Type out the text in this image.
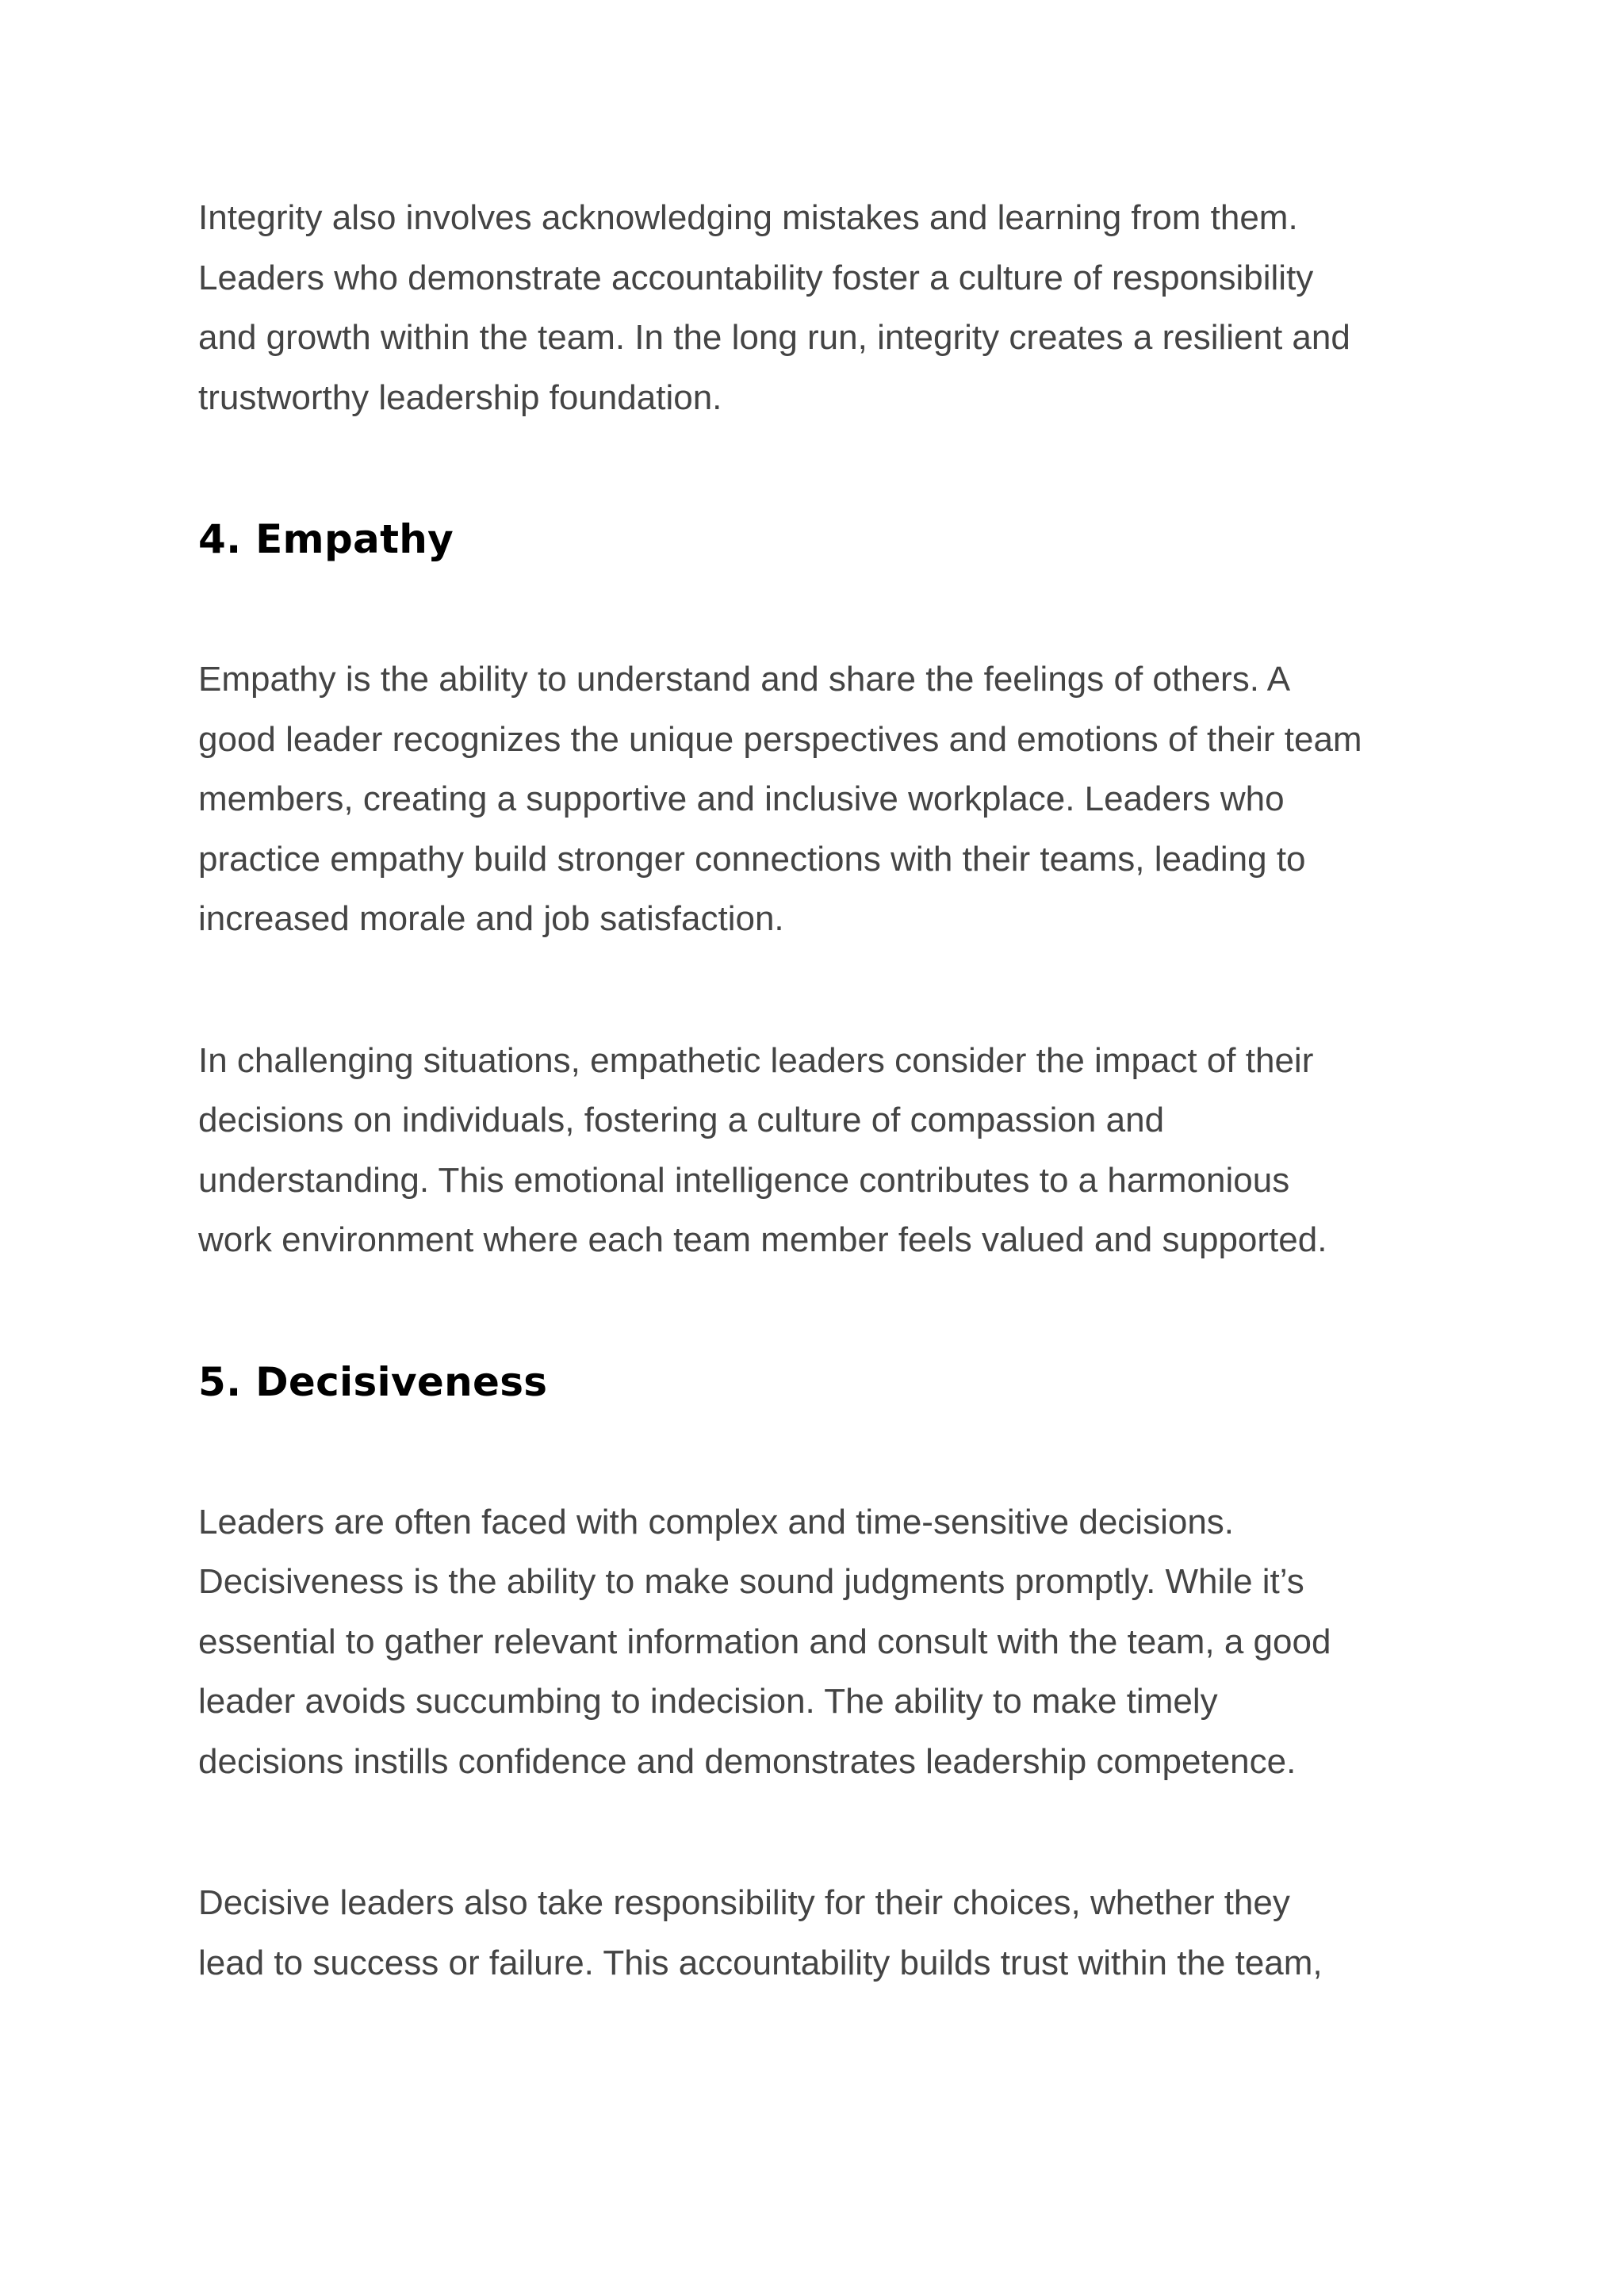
Integrity also involves acknowledging mistakes and learning from them.
Leaders who demonstrate accountability foster a culture of responsibility
and growth within the team. In the long run, integrity creates a resilient and
trustworthy leadership foundation.

4. Empathy

Empathy is the ability to understand and share the feelings of others. A
good leader recognizes the unique perspectives and emotions of their team
members, creating a supportive and inclusive workplace. Leaders who
practice empathy build stronger connections with their teams, leading to
increased morale and job satisfaction.

In challenging situations, empathetic leaders consider the impact of their
decisions on individuals, fostering a culture of compassion and
understanding. This emotional intelligence contributes to a harmonious
work environment where each team member feels valued and supported.

5. Decisiveness

Leaders are often faced with complex and time-sensitive decisions.
Decisiveness is the ability to make sound judgments promptly. While it’s
essential to gather relevant information and consult with the team, a good
leader avoids succumbing to indecision. The ability to make timely
decisions instills confidence and demonstrates leadership competence.

Decisive leaders also take responsibility for their choices, whether they
lead to success or failure. This accountability builds trust within the team,
